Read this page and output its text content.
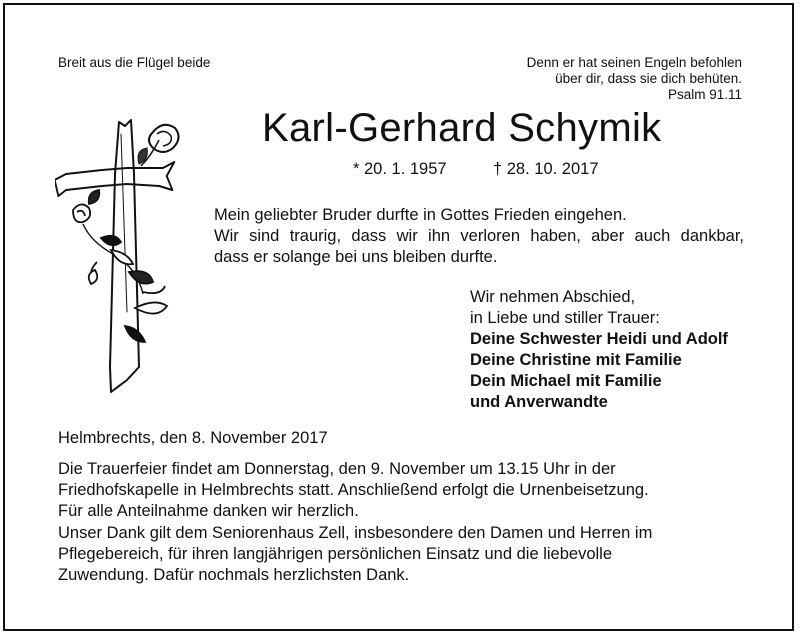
Breit aus die Flügel beide	Denn er hat seinen Engeln befohlen
über dir, dass sie dich behüten.
Psalm 91.11
Karl-Gerhard Schymik
* 20. 1. 1957	† 28. 10. 2017
Mein geliebter Bruder durfte in Gottes Frieden eingehen.
Wir sind traurig, dass wir ihn verloren haben, aber auch dankbar,
dass er solange bei uns bleiben durfte.
Wir nehmen Abschied,
in Liebe und stiller Trauer:
Deine Schwester Heidi und Adolf
Deine Christine mit Familie
Dein Michael mit Familie
und Anverwandte
Helmbrechts, den 8. November 2017
Die Trauerfeier findet am Donnerstag, den 9. November um 13.15 Uhr in der
Friedhofskapelle in Helmbrechts statt. Anschließend erfolgt die Urnenbeisetzung.
Für alle Anteilnahme danken wir herzlich.
Unser Dank gilt dem Seniorenhaus Zell, insbesondere den Damen und Herren im
Pflegebereich, für ihren langjährigen persönlichen Einsatz und die liebevolle
Zuwendung. Dafür nochmals herzlichsten Dank.
